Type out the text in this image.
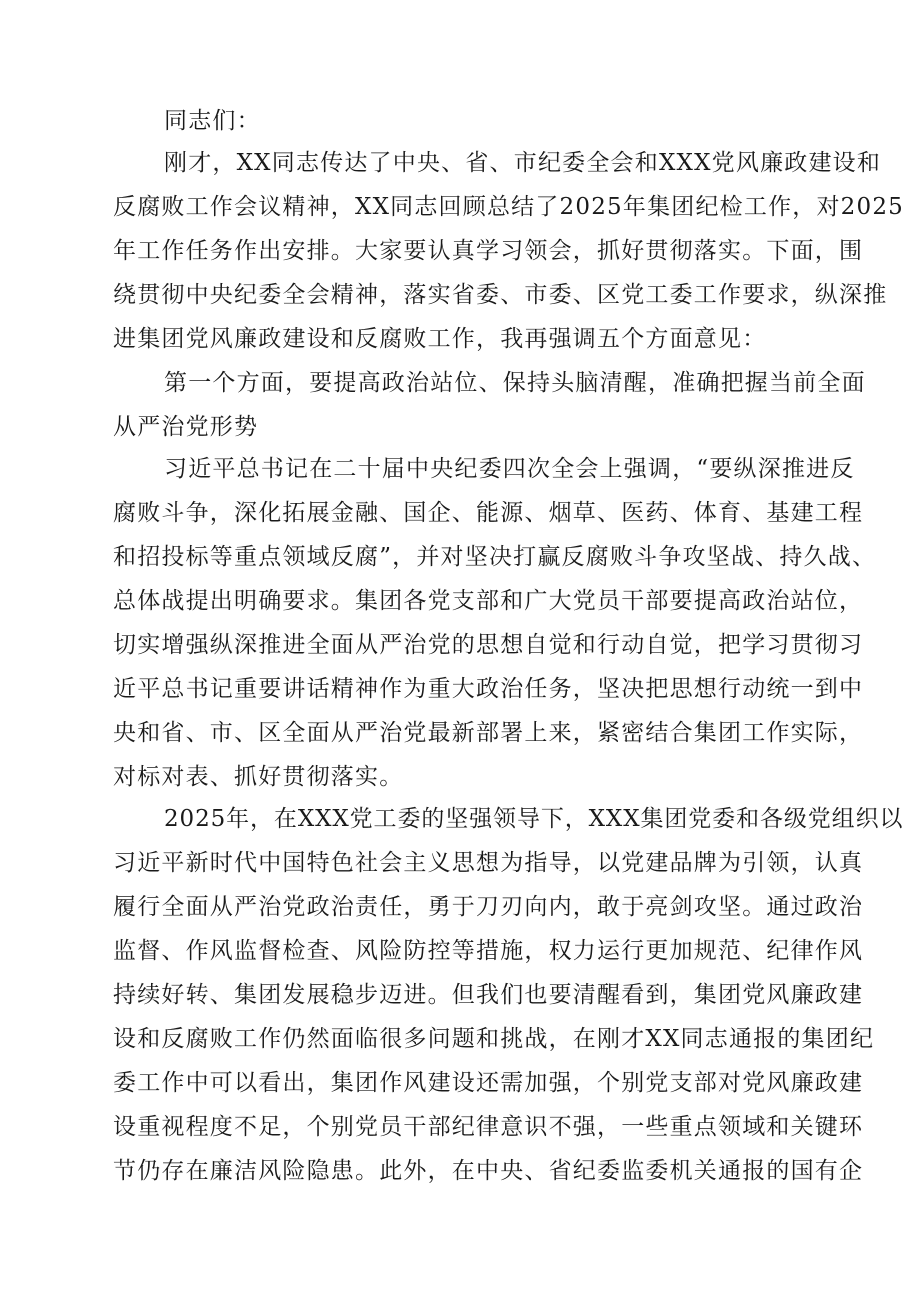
同志们：
刚才，XX同志传达了中央、省、市纪委全会和XXX党风廉政建设和
反腐败工作会议精神，XX同志回顾总结了2025年集团纪检工作，对2025
年工作任务作出安排。大家要认真学习领会，抓好贯彻落实。下面，围
绕贯彻中央纪委全会精神，落实省委、市委、区党工委工作要求，纵深推
进集团党风廉政建设和反腐败工作，我再强调五个方面意见：
第一个方面，要提高政治站位、保持头脑清醒，准确把握当前全面
从严治党形势
习近平总书记在二十届中央纪委四次全会上强调，“要纵深推进反
腐败斗争，深化拓展金融、国企、能源、烟草、医药、体育、基建工程
和招投标等重点领域反腐”，并对坚决打赢反腐败斗争攻坚战、持久战、
总体战提出明确要求。集团各党支部和广大党员干部要提高政治站位，
切实增强纵深推进全面从严治党的思想自觉和行动自觉，把学习贯彻习
近平总书记重要讲话精神作为重大政治任务，坚决把思想行动统一到中
央和省、市、区全面从严治党最新部署上来，紧密结合集团工作实际，
对标对表、抓好贯彻落实。
2025年，在XXX党工委的坚强领导下，XXX集团党委和各级党组织以
习近平新时代中国特色社会主义思想为指导，以党建品牌为引领，认真
履行全面从严治党政治责任，勇于刀刃向内，敢于亮剑攻坚。通过政治
监督、作风监督检查、风险防控等措施，权力运行更加规范、纪律作风
持续好转、集团发展稳步迈进。但我们也要清醒看到，集团党风廉政建
设和反腐败工作仍然面临很多问题和挑战，在刚才XX同志通报的集团纪
委工作中可以看出，集团作风建设还需加强，个别党支部对党风廉政建
设重视程度不足，个别党员干部纪律意识不强，一些重点领域和关键环
节仍存在廉洁风险隐患。此外，在中央、省纪委监委机关通报的国有企
